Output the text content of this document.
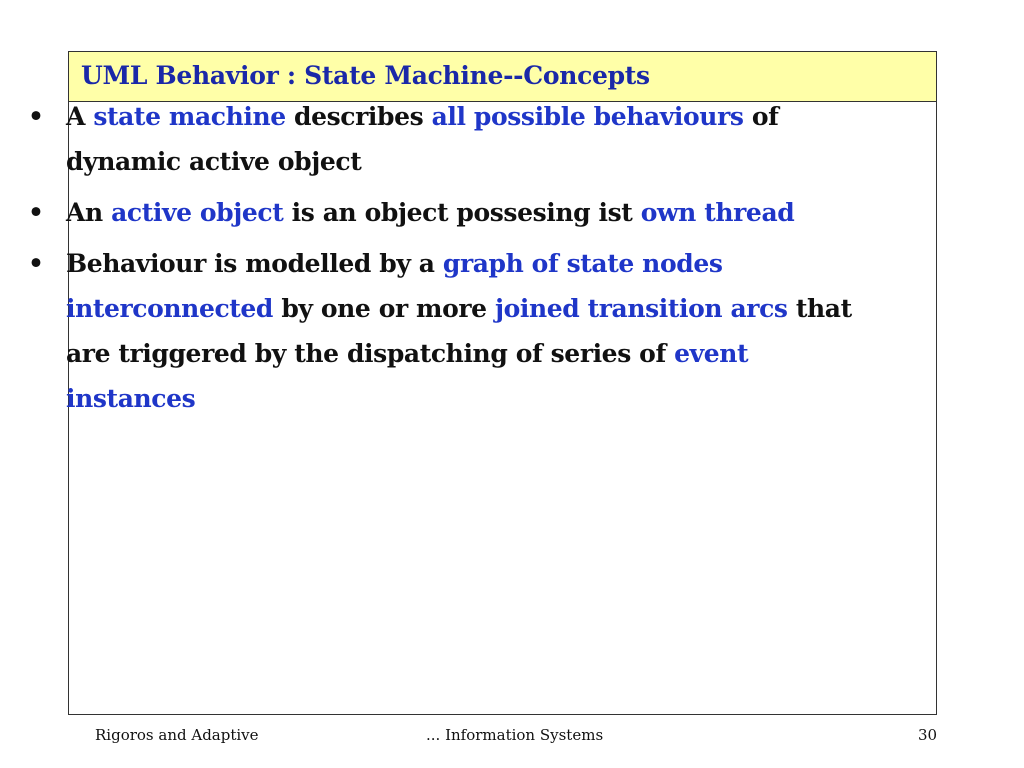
UML Behavior : State Machine--Concepts
• A state machine describes all possible behaviours of dynamic active object
• An active object is an object possesing ist own thread
• Behaviour is modelled by a graph of state nodes interconnected by one or more joined transition arcs that are triggered by the dispatching of series of event instances
Rigoros and Adaptive	... Information Systems	30
